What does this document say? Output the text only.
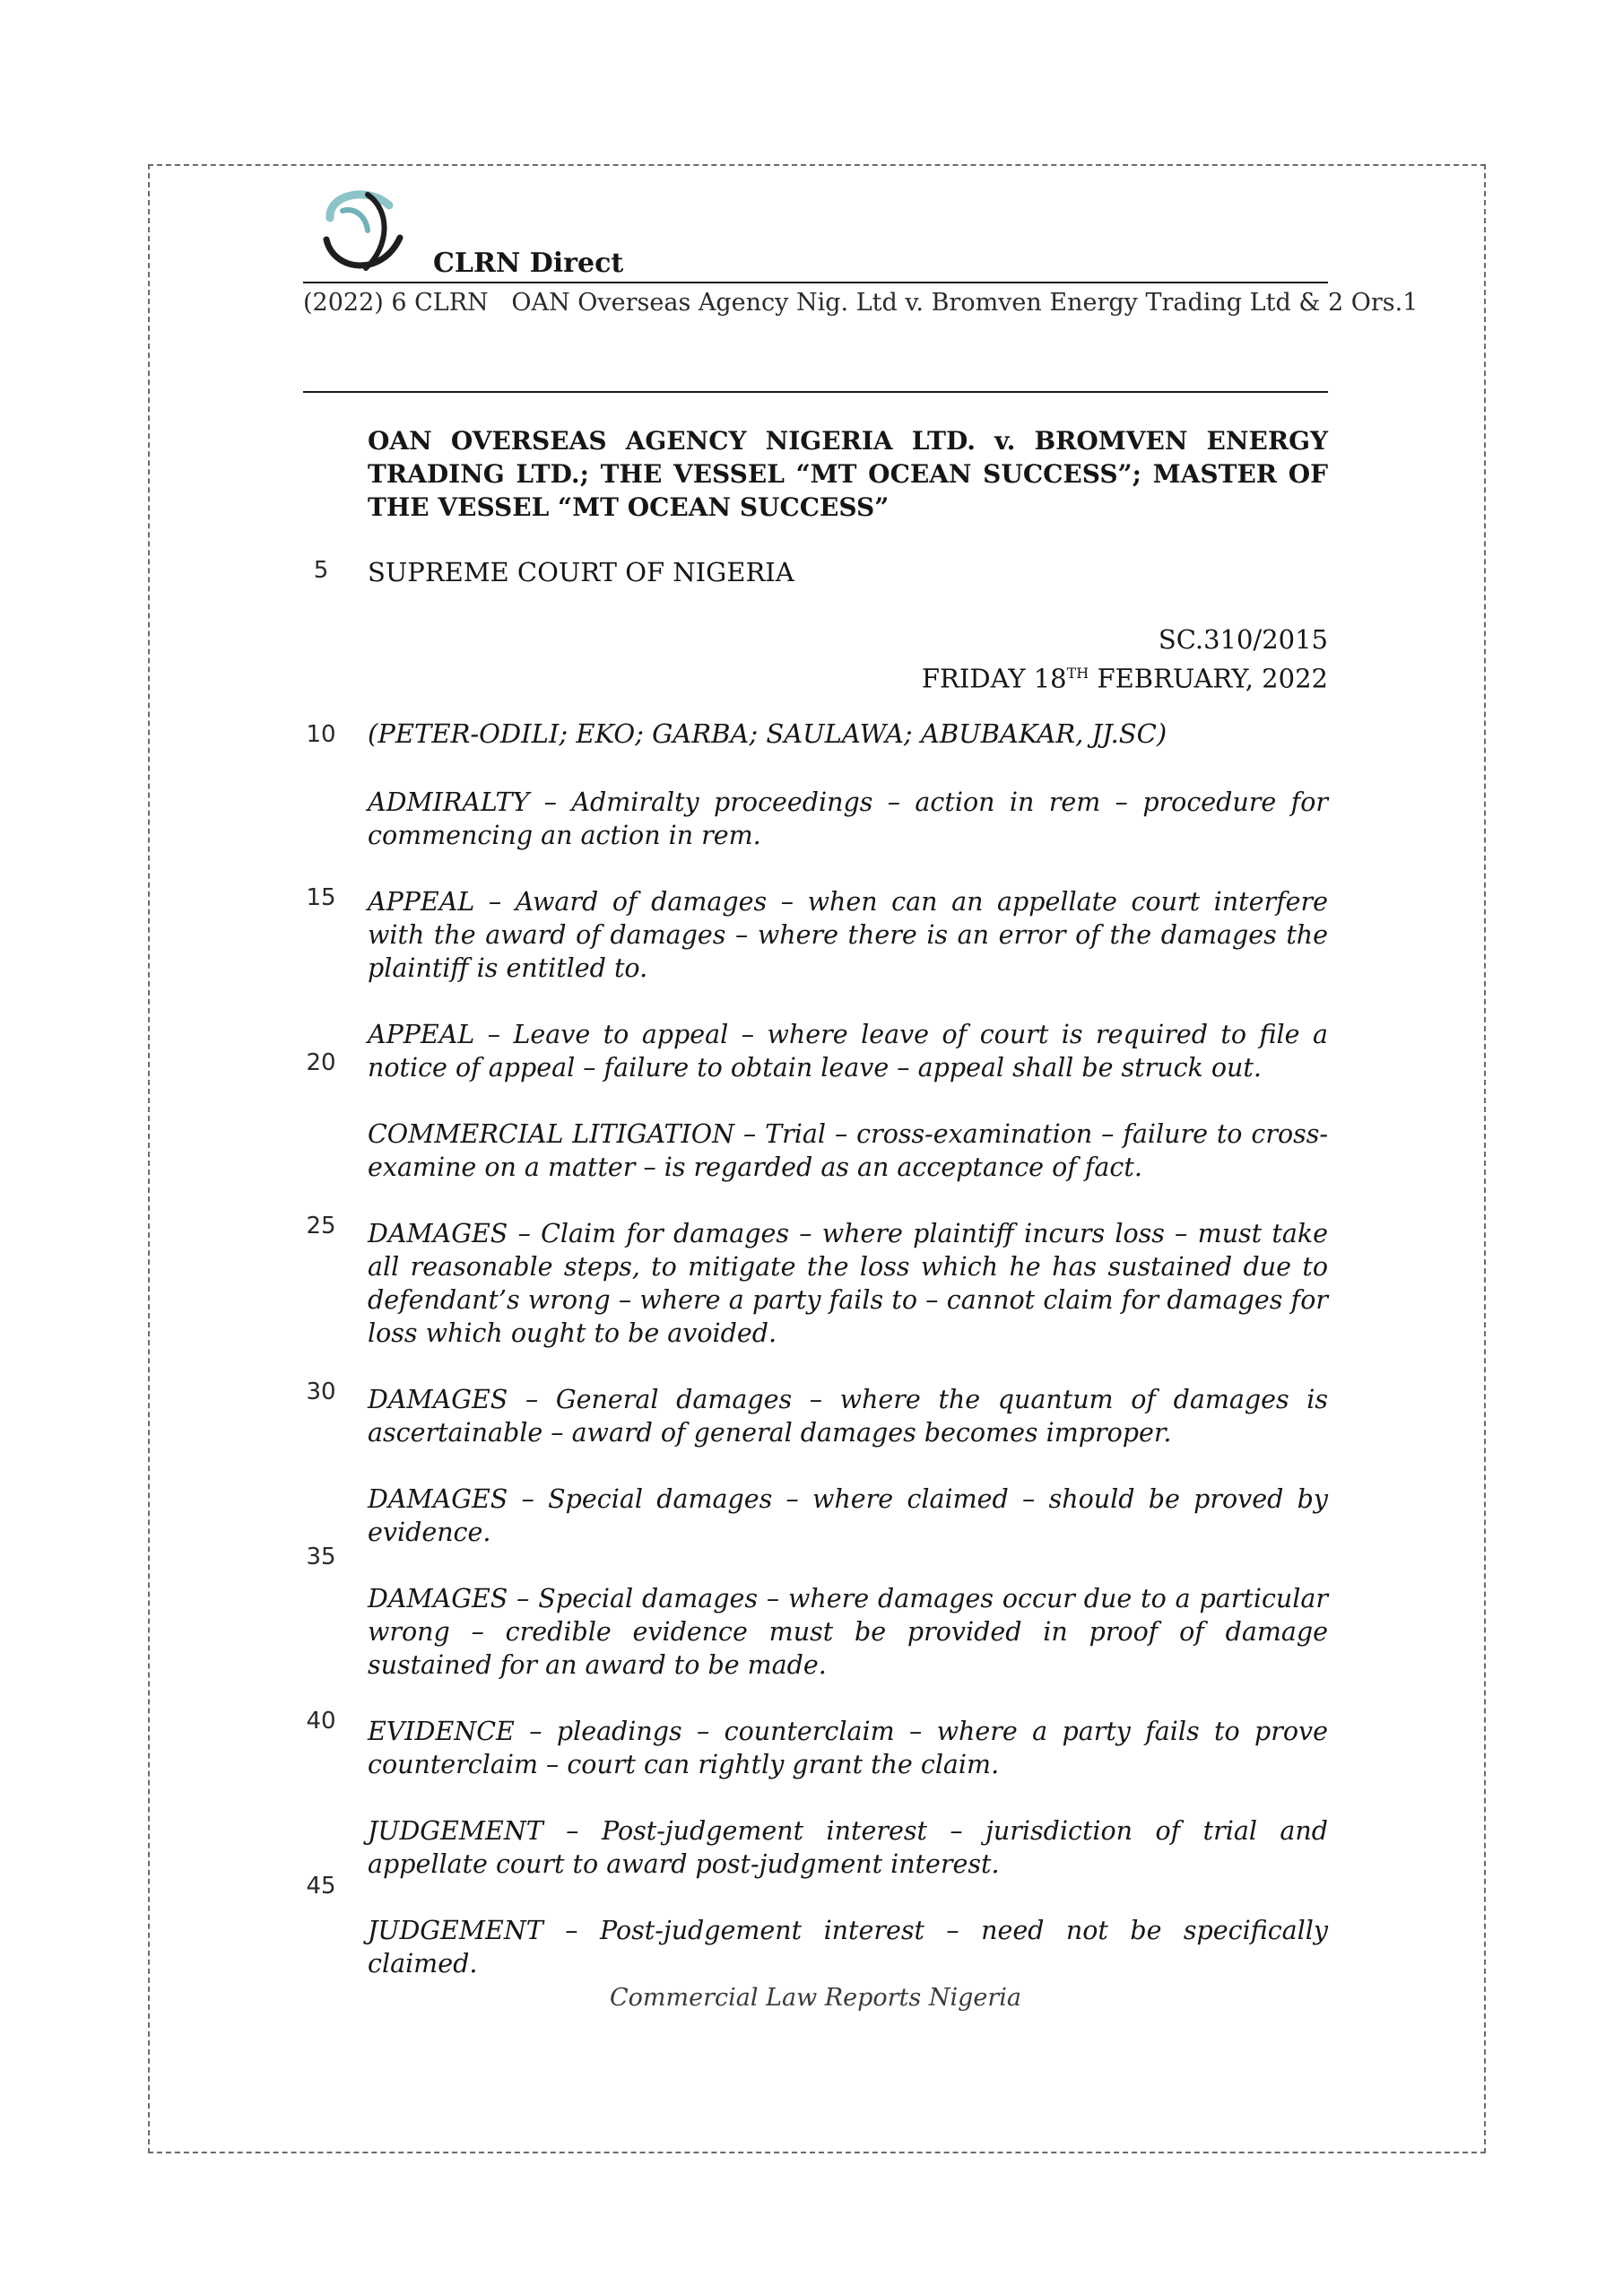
CLRN Direct
(2022) 6 CLRN   OAN Overseas Agency Nig. Ltd v. Bromven Energy Trading Ltd & 2 Ors. 1
OAN OVERSEAS AGENCY NIGERIA LTD. v. BROMVEN ENERGY TRADING LTD.; THE VESSEL “MT OCEAN SUCCESS”; MASTER OF THE VESSEL “MT OCEAN SUCCESS”
SUPREME COURT OF NIGERIA
SC.310/2015
FRIDAY 18TH FEBRUARY, 2022
(PETER-ODILI; EKO; GARBA; SAULAWA; ABUBAKAR, JJ.SC)

ADMIRALTY – Admiralty proceedings – action in rem – procedure for commencing an action in rem.

APPEAL – Award of damages – when can an appellate court interfere with the award of damages – where there is an error of the damages the plaintiff is entitled to.

APPEAL – Leave to appeal – where leave of court is required to file a notice of appeal – failure to obtain leave – appeal shall be struck out.

COMMERCIAL LITIGATION – Trial – cross-examination – failure to cross-examine on a matter – is regarded as an acceptance of fact.

DAMAGES – Claim for damages – where plaintiff incurs loss – must take all reasonable steps, to mitigate the loss which he has sustained due to defendant’s wrong – where a party fails to – cannot claim for damages for loss which ought to be avoided.

DAMAGES – General damages – where the quantum of damages is ascertainable – award of general damages becomes improper.

DAMAGES – Special damages – where claimed – should be proved by evidence.

DAMAGES – Special damages – where damages occur due to a particular wrong – credible evidence must be provided in proof of damage sustained for an award to be made.

EVIDENCE – pleadings – counterclaim – where a party fails to prove counterclaim – court can rightly grant the claim.

JUDGEMENT – Post-judgement interest – jurisdiction of trial and appellate court to award post-judgment interest.

JUDGEMENT – Post-judgement interest – need not be specifically claimed.

5
10
15
20
25
30
35
40
45
Commercial Law Reports Nigeria
